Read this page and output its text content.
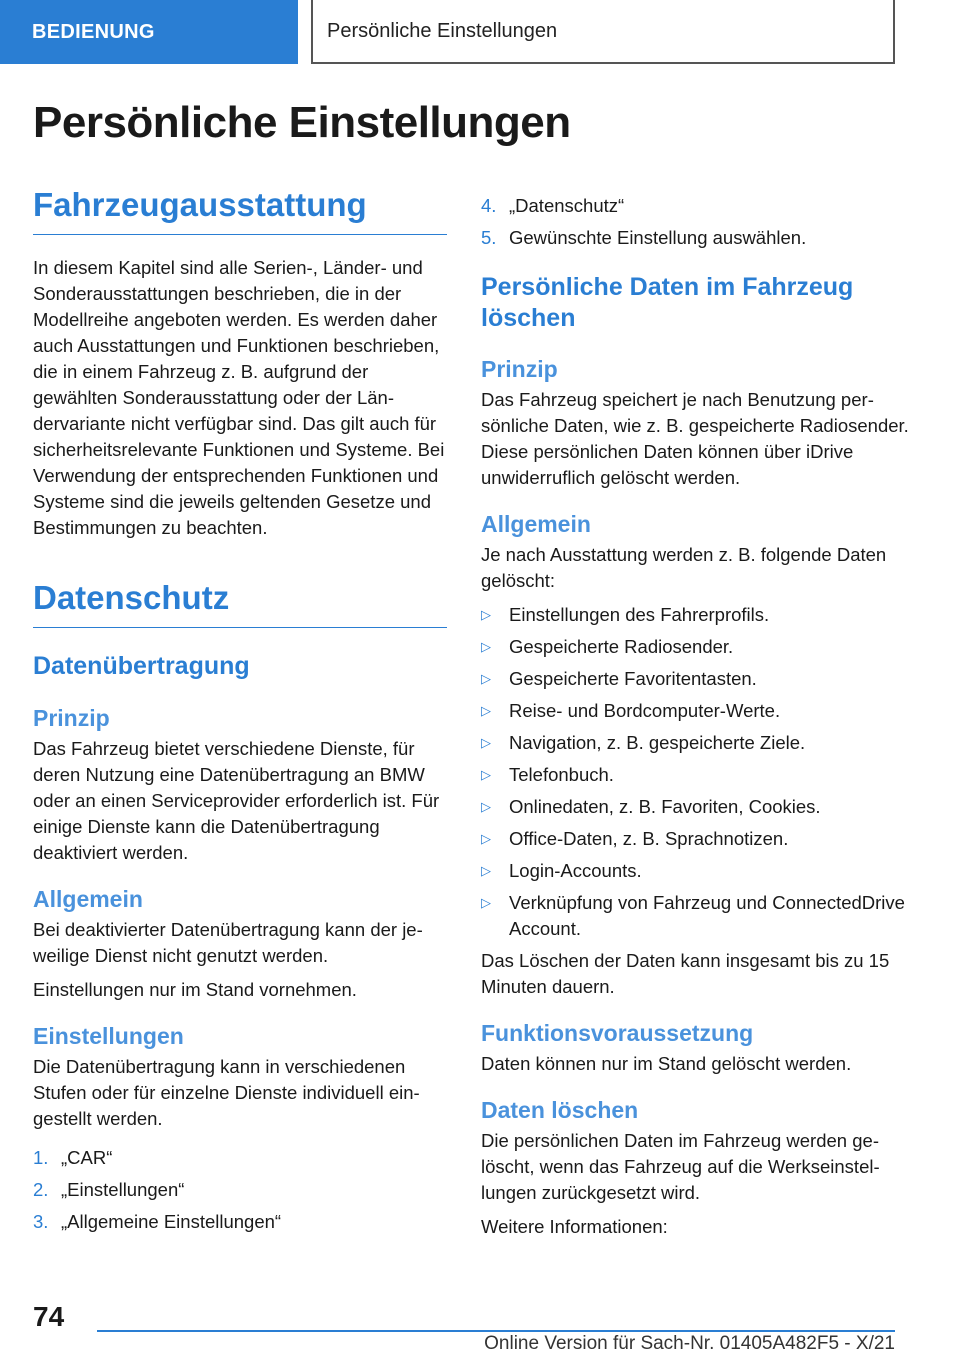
BEDIENUNG	Persönliche Einstellungen
Persönliche Einstellungen
Fahrzeugausstattung

In diesem Kapitel sind alle Serien-, Länder- und Sonderausstattungen beschrieben, die in der Modellreihe angeboten werden. Es werden daher auch Ausstattungen und Funktionen beschrieben, die in einem Fahrzeug z. B. aufgrund der gewählten Sonderausstattung oder der Ländervariante nicht verfügbar sind. Das gilt auch für sicherheitsrelevante Funktionen und Systeme. Bei Verwendung der entsprechenden Funktionen und Systeme sind die jeweils geltenden Gesetze und Bestimmungen zu beachten.

Datenschutz
Datenübertragung
Prinzip

Das Fahrzeug bietet verschiedene Dienste, für deren Nutzung eine Datenübertragung an BMW oder an einen Serviceprovider erforderlich ist. Für einige Dienste kann die Datenübertragung deaktiviert werden.

Allgemein

Bei deaktivierter Datenübertragung kann der jeweilige Dienst nicht genutzt werden.

Einstellungen nur im Stand vornehmen.

Einstellungen

Die Datenübertragung kann in verschiedenen Stufen oder für einzelne Dienste individuell eingestellt werden.

1. „CAR“
2. „Einstellungen“
3. „Allgemeine Einstellungen“
4. „Datenschutz“
5. Gewünschte Einstellung auswählen.
Persönliche Daten im Fahrzeug löschen
Prinzip

Das Fahrzeug speichert je nach Benutzung persönliche Daten, wie z. B. gespeicherte Radiosender. Diese persönlichen Daten können über iDrive unwiderruflich gelöscht werden.

Allgemein

Je nach Ausstattung werden z. B. folgende Daten gelöscht:

▷ Einstellungen des Fahrerprofils.
▷ Gespeicherte Radiosender.
▷ Gespeicherte Favoritentasten.
▷ Reise- und Bordcomputer-Werte.
▷ Navigation, z. B. gespeicherte Ziele.
▷ Telefonbuch.
▷ Onlinedaten, z. B. Favoriten, Cookies.
▷ Office-Daten, z. B. Sprachnotizen.
▷ Login-Accounts.
▷ Verknüpfung von Fahrzeug und ConnectedDrive Account.

Das Löschen der Daten kann insgesamt bis zu 15 Minuten dauern.

Funktionsvoraussetzung

Daten können nur im Stand gelöscht werden.

Daten löschen

Die persönlichen Daten im Fahrzeug werden gelöscht, wenn das Fahrzeug auf die Werkseinstellungen zurückgesetzt wird.

Weitere Informationen:

74
Online Version für Sach-Nr. 01405A482F5 - X/21
